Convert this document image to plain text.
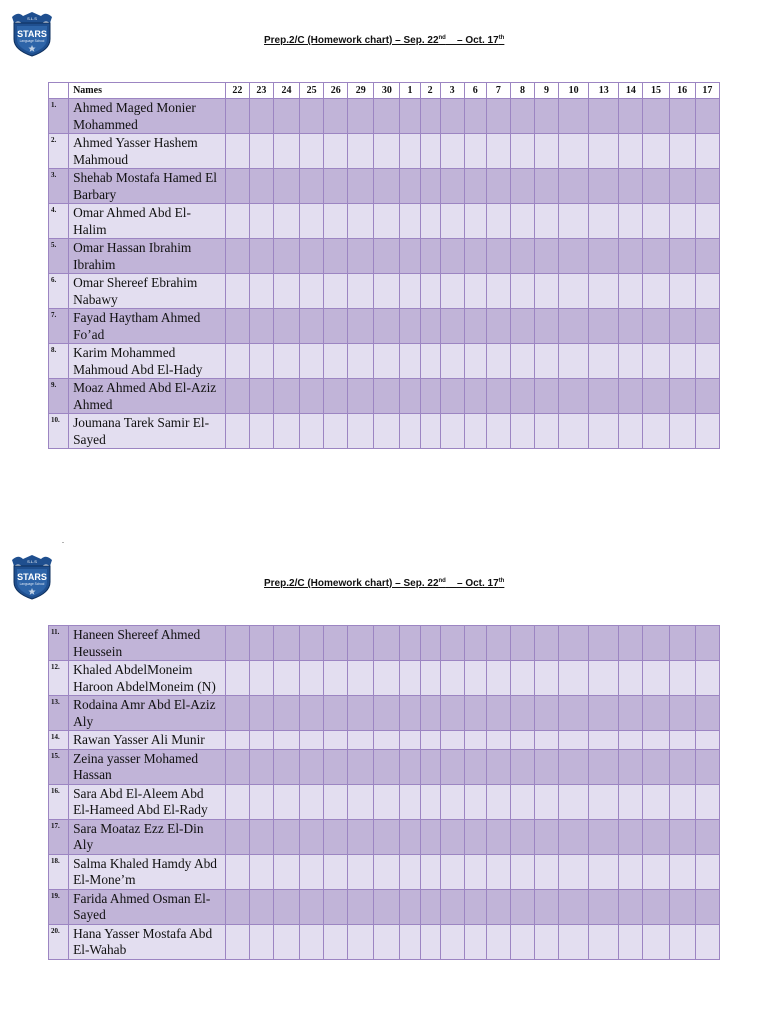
S.L.S
STARS
Language School	Prep.2/C (Homework chart) – Sep. 22nd – Oct. 17th
	Names	22	23	24	25	26	29	30	1	2	3	6	7	8	9	10	13	14	15	16	17
1.	Ahmed Maged Monier Mohammed																				
2.	Ahmed Yasser Hashem Mahmoud																				
3.	Shehab Mostafa Hamed El Barbary																				
4.	Omar Ahmed Abd El-Halim																				
5.	Omar Hassan Ibrahim Ibrahim																				
6.	Omar Shereef Ebrahim Nabawy																				
7.	Fayad Haytham Ahmed Fo’ad																				
8.	Karim Mohammed Mahmoud Abd El-Hady																				
9.	Moaz Ahmed Abd El-Aziz Ahmed																				
10.	Joumana Tarek Samir El-Sayed																				
.
S.L.S
STARS
Language School	Prep.2/C (Homework chart) – Sep. 22nd – Oct. 17th
11.	Haneen Shereef Ahmed Heussein																				
12.	Khaled AbdelMoneim Haroon AbdelMoneim (N)																				
13.	Rodaina Amr Abd El-Aziz Aly																				
14.	Rawan Yasser Ali Munir																				
15.	Zeina yasser Mohamed Hassan																				
16.	Sara Abd El-Aleem Abd El-Hameed Abd El-Rady																				
17.	Sara Moataz Ezz El-Din Aly																				
18.	Salma Khaled Hamdy Abd El-Mone’m																				
19.	Farida Ahmed Osman El-Sayed																				
20.	Hana Yasser Mostafa Abd El-Wahab																				
